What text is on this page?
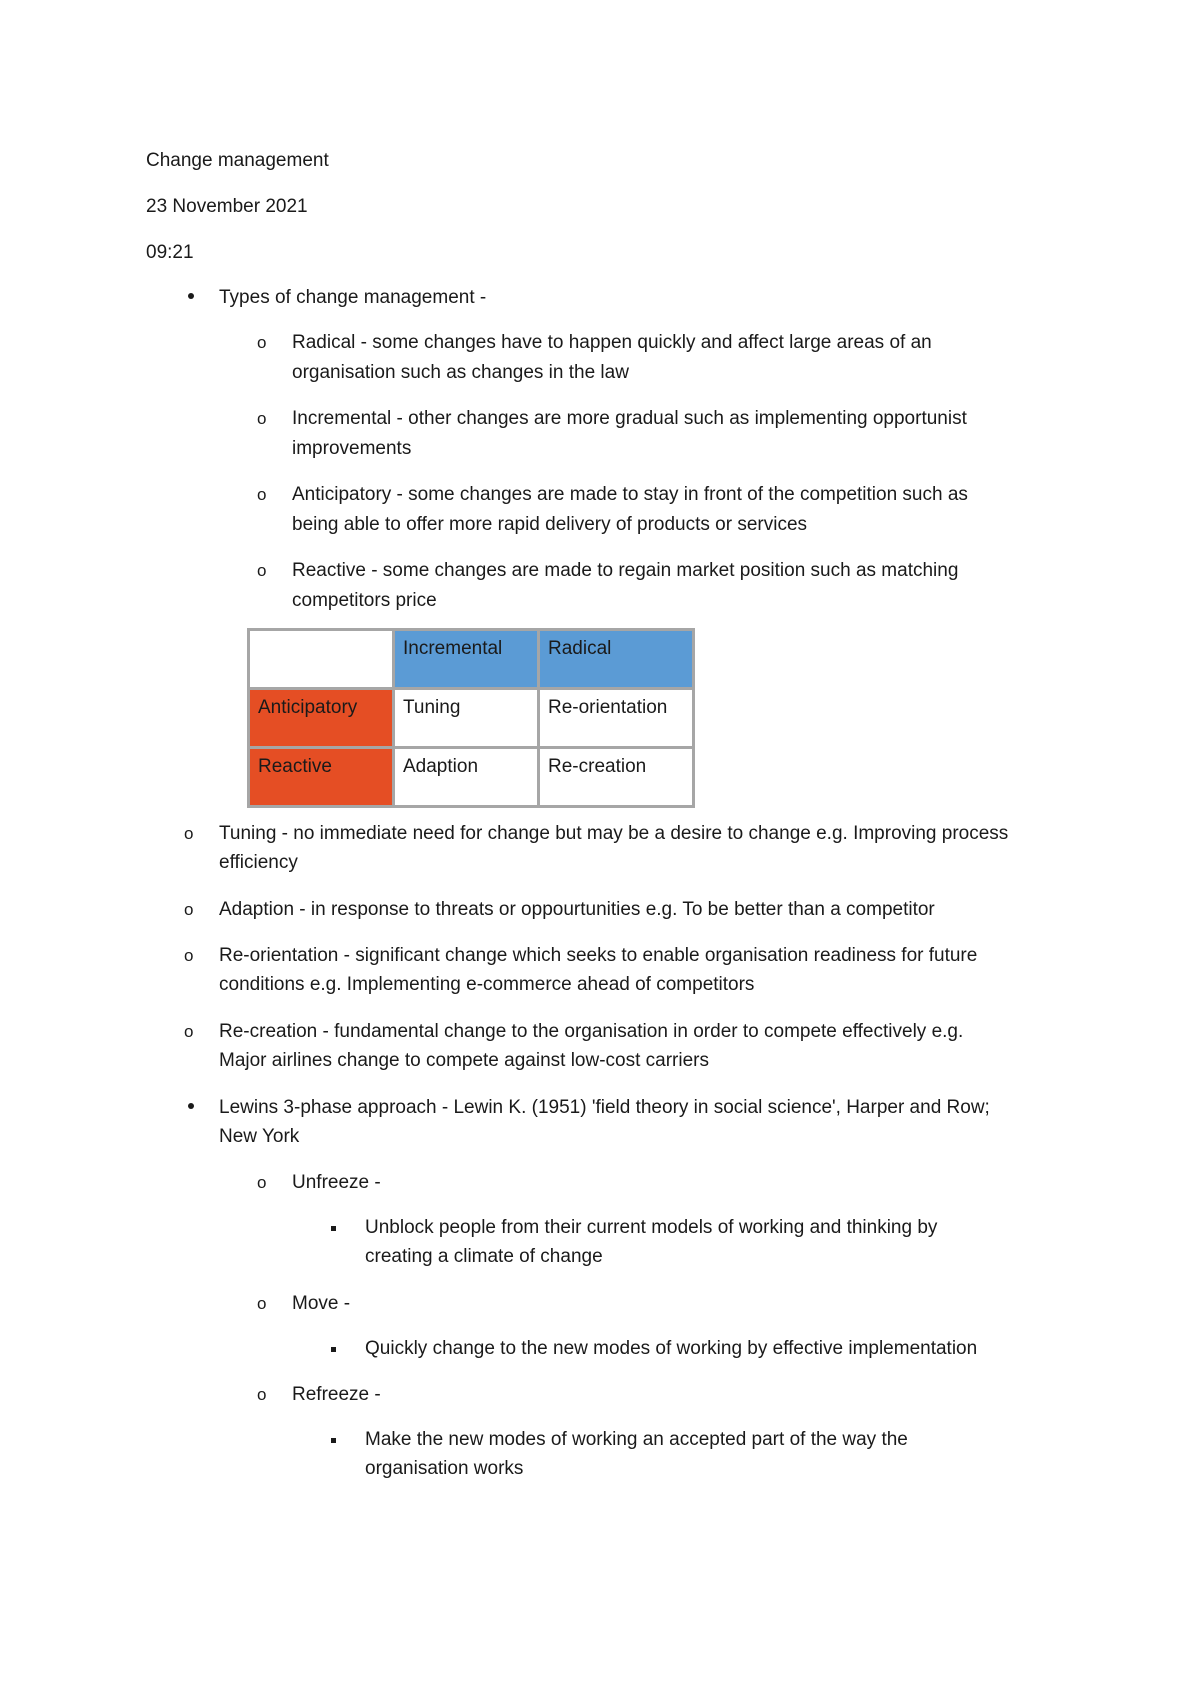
Change management
23 November 2021
09:21
Types of change management -
o Radical - some changes have to happen quickly and affect large areas of an
organisation such as changes in the law
o Incremental - other changes are more gradual such as implementing opportunist
improvements
o Anticipatory - some changes are made to stay in front of the competition such as
being able to offer more rapid delivery of products or services
o Reactive - some changes are made to regain market position such as matching
competitors price
	Incremental	Radical
Anticipatory	Tuning	Re-orientation
Reactive	Adaption	Re-creation
o Tuning - no immediate need for change but may be a desire to change e.g. Improving process
efficiency
o Adaption - in response to threats or oppourtunities e.g. To be better than a competitor
o Re-orientation - significant change which seeks to enable organisation readiness for future
conditions e.g. Implementing e-commerce ahead of competitors
o Re-creation - fundamental change to the organisation in order to compete effectively e.g.
Major airlines change to compete against low-cost carriers
Lewins 3-phase approach - Lewin K. (1951) 'field theory in social science', Harper and Row;
New York
o Unfreeze -
Unblock people from their current models of working and thinking by
creating a climate of change
o Move -
Quickly change to the new modes of working by effective implementation
o Refreeze -
Make the new modes of working an accepted part of the way the
organisation works
